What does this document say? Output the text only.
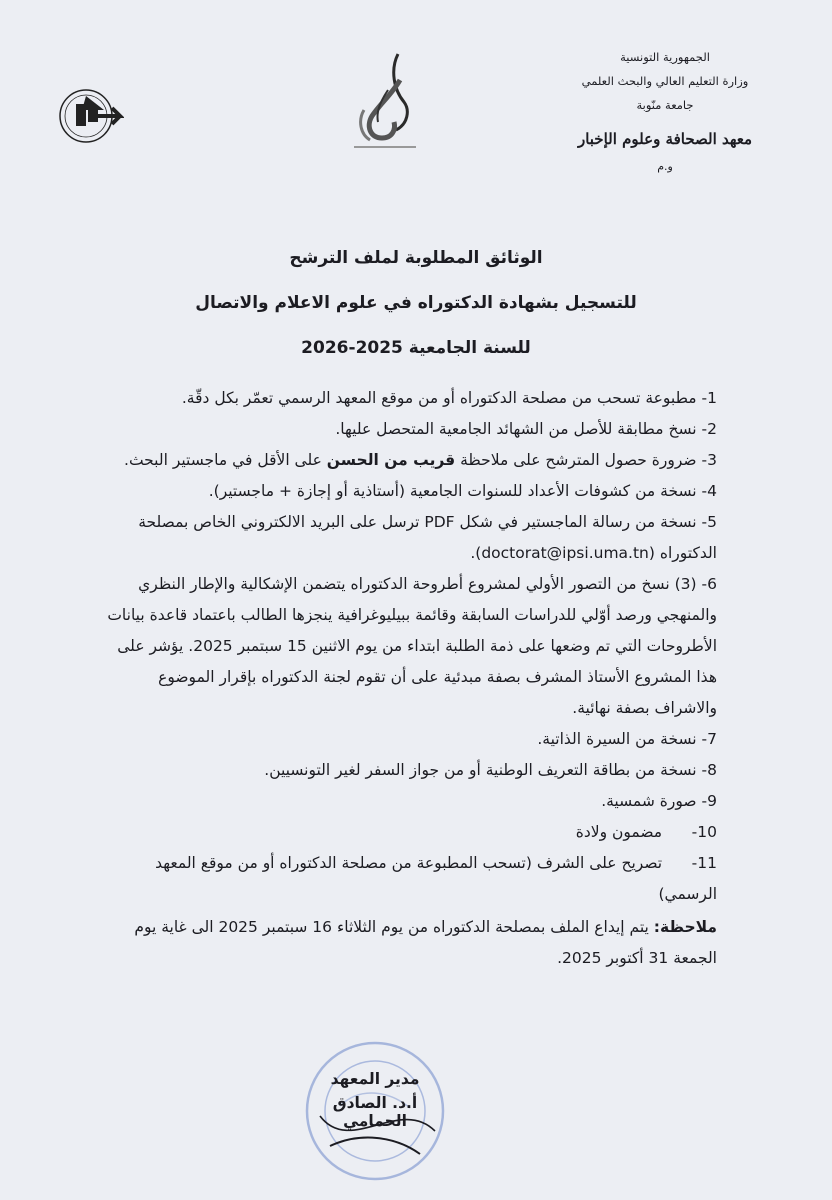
الجمهورية التونسية
وزارة التعليم العالي والبحث العلمي
جامعة منّوبة
معهد الصحافة وعلوم الإخبار
و.م
الوثائق المطلوبة لملف الترشح
للتسجيل بشهادة الدكتوراه في علوم الاعلام والاتصال
للسنة الجامعية 2025-2026
1- مطبوعة تسحب من مصلحة الدكتوراه أو من موقع المعهد الرسمي تعمّر بكل دقّة.
2- نسخ مطابقة للأصل من الشهائد الجامعية المتحصل عليها.
3- ضرورة حصول المترشح على ملاحظة قريب من الحسن على الأقل في ماجستير البحث.
4- نسخة من كشوفات الأعداد للسنوات الجامعية (أستاذية أو إجازة + ماجستير).
5- نسخة من رسالة الماجستير في شكل PDF ترسل على البريد الالكتروني الخاص بمصلحة الدكتوراه (doctorat@ipsi.uma.tn).
6- (3) نسخ من التصور الأولي لمشروع أطروحة الدكتوراه يتضمن الإشكالية والإطار النظري والمنهجي ورصد أوّلي للدراسات السابقة وقائمة ببيليوغرافية ينجزها الطالب باعتماد قاعدة بيانات الأطروحات التي تم وضعها على ذمة الطلبة ابتداء من يوم الاثنين 15 سبتمبر 2025. يؤشر على هذا المشروع الأستاذ المشرف بصفة مبدئية على أن تقوم لجنة الدكتوراه بإقرار الموضوع والاشراف بصفة نهائية.
7- نسخة من السيرة الذاتية.
8- نسخة من بطاقة التعريف الوطنية أو من جواز السفر لغير التونسيين.
9- صورة شمسية.
10-      مضمون ولادة
11-      تصريح على الشرف (تسحب المطبوعة من مصلحة الدكتوراه أو من موقع المعهد الرسمي)
ملاحظة: يتم إيداع الملف بمصلحة الدكتوراه من يوم الثلاثاء 16 سبتمبر 2025 الى غاية يوم الجمعة 31 أكتوبر 2025.
مدير المعهد
أ.د. الصادق الحمامي
